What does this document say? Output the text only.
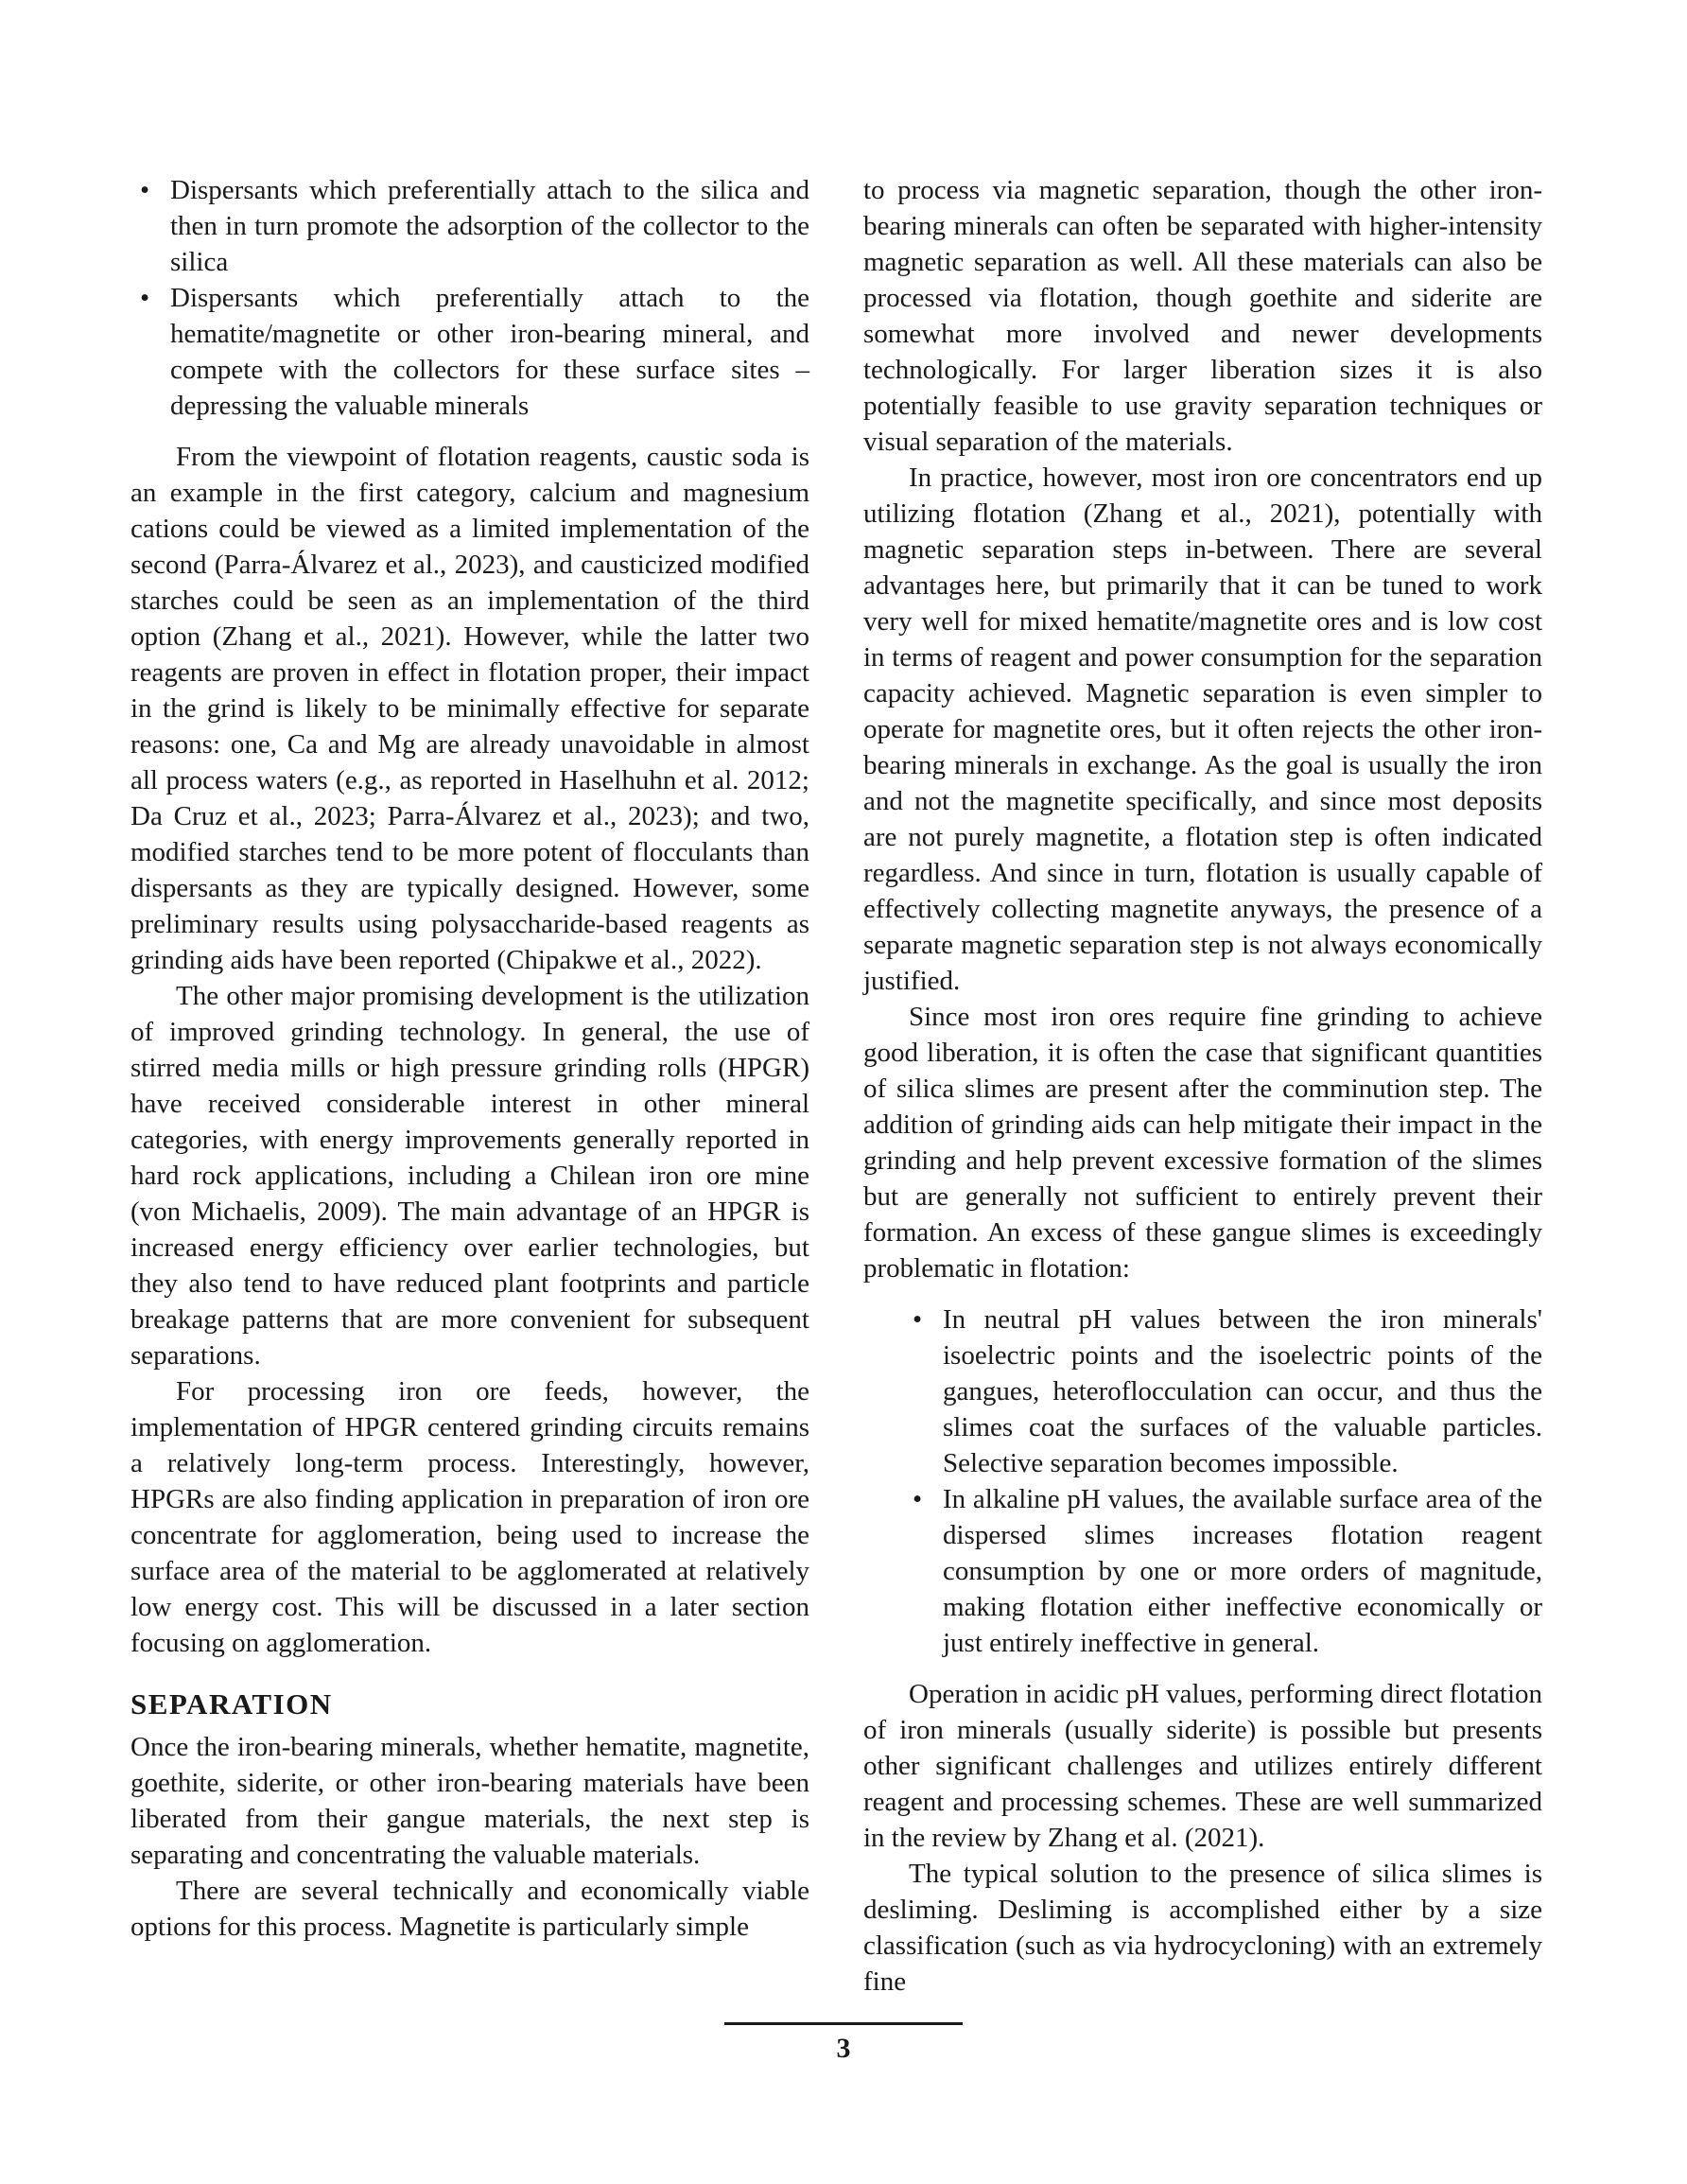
• Dispersants which preferentially attach to the silica and then in turn promote the adsorption of the collector to the silica
• Dispersants which preferentially attach to the hematite/magnetite or other iron-bearing mineral, and compete with the collectors for these surface sites – depressing the valuable minerals

From the viewpoint of flotation reagents, caustic soda is an example in the first category, calcium and magnesium cations could be viewed as a limited implementation of the second (Parra-Álvarez et al., 2023), and causticized modified starches could be seen as an implementation of the third option (Zhang et al., 2021). However, while the latter two reagents are proven in effect in flotation proper, their impact in the grind is likely to be minimally effective for separate reasons: one, Ca and Mg are already unavoidable in almost all process waters (e.g., as reported in Haselhuhn et al. 2012; Da Cruz et al., 2023; Parra-Álvarez et al., 2023); and two, modified starches tend to be more potent of flocculants than dispersants as they are typically designed. However, some preliminary results using polysaccharide-based reagents as grinding aids have been reported (Chipakwe et al., 2022).

The other major promising development is the utilization of improved grinding technology. In general, the use of stirred media mills or high pressure grinding rolls (HPGR) have received considerable interest in other mineral categories, with energy improvements generally reported in hard rock applications, including a Chilean iron ore mine (von Michaelis, 2009). The main advantage of an HPGR is increased energy efficiency over earlier technologies, but they also tend to have reduced plant footprints and particle breakage patterns that are more convenient for subsequent separations.

For processing iron ore feeds, however, the implementation of HPGR centered grinding circuits remains a relatively long-term process. Interestingly, however, HPGRs are also finding application in preparation of iron ore concentrate for agglomeration, being used to increase the surface area of the material to be agglomerated at relatively low energy cost. This will be discussed in a later section focusing on agglomeration.

SEPARATION

Once the iron-bearing minerals, whether hematite, magnetite, goethite, siderite, or other iron-bearing materials have been liberated from their gangue materials, the next step is separating and concentrating the valuable materials.

There are several technically and economically viable options for this process. Magnetite is particularly simple

to process via magnetic separation, though the other iron-bearing minerals can often be separated with higher-intensity magnetic separation as well. All these materials can also be processed via flotation, though goethite and siderite are somewhat more involved and newer developments technologically. For larger liberation sizes it is also potentially feasible to use gravity separation techniques or visual separation of the materials.

In practice, however, most iron ore concentrators end up utilizing flotation (Zhang et al., 2021), potentially with magnetic separation steps in-between. There are several advantages here, but primarily that it can be tuned to work very well for mixed hematite/magnetite ores and is low cost in terms of reagent and power consumption for the separation capacity achieved. Magnetic separation is even simpler to operate for magnetite ores, but it often rejects the other iron-bearing minerals in exchange. As the goal is usually the iron and not the magnetite specifically, and since most deposits are not purely magnetite, a flotation step is often indicated regardless. And since in turn, flotation is usually capable of effectively collecting magnetite anyways, the presence of a separate magnetic separation step is not always economically justified.

Since most iron ores require fine grinding to achieve good liberation, it is often the case that significant quantities of silica slimes are present after the comminution step. The addition of grinding aids can help mitigate their impact in the grinding and help prevent excessive formation of the slimes but are generally not sufficient to entirely prevent their formation. An excess of these gangue slimes is exceedingly problematic in flotation:

• In neutral pH values between the iron minerals' isoelectric points and the isoelectric points of the gangues, heteroflocculation can occur, and thus the slimes coat the surfaces of the valuable particles. Selective separation becomes impossible.
• In alkaline pH values, the available surface area of the dispersed slimes increases flotation reagent consumption by one or more orders of magnitude, making flotation either ineffective economically or just entirely ineffective in general.

Operation in acidic pH values, performing direct flotation of iron minerals (usually siderite) is possible but presents other significant challenges and utilizes entirely different reagent and processing schemes. These are well summarized in the review by Zhang et al. (2021).

The typical solution to the presence of silica slimes is desliming. Desliming is accomplished either by a size classification (such as via hydrocycloning) with an extremely fine

3
